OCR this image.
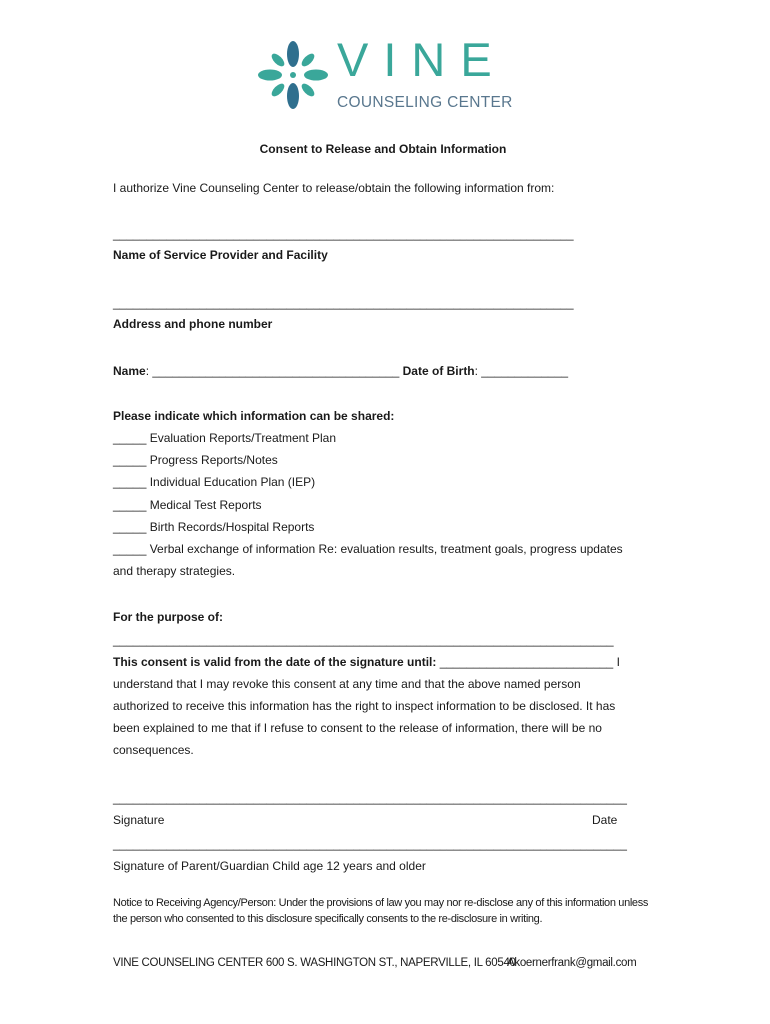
VINE
COUNSELING CENTER
Consent to Release and Obtain Information
I authorize Vine Counseling Center to release/obtain the following information from:
_____________________________________________________________________
Name of Service Provider and Facility
_____________________________________________________________________
Address and phone number
Name: _____________________________________ Date of Birth: _____________
Please indicate which information can be shared:
_____ Evaluation Reports/Treatment Plan
_____ Progress Reports/Notes
_____ Individual Education Plan (IEP)
_____ Medical Test Reports
_____ Birth Records/Hospital Reports
_____ Verbal exchange of information Re: evaluation results, treatment goals, progress updates
and therapy strategies.
For the purpose of:
___________________________________________________________________________
This consent is valid from the date of the signature until: __________________________ I
understand that I may revoke this consent at any time and that the above named person
authorized to receive this information has the right to inspect information to be disclosed. It has
been explained to me that if I refuse to consent to the release of information, there will be no
consequences.
_____________________________________________________________________________
Signature	Date
_____________________________________________________________________________
Signature of Parent/Guardian Child age 12 years and older
Notice to Receiving Agency/Person: Under the provisions of law you may nor re-disclose any of this information unless
the person who consented to this disclosure specifically consents to the re-disclosure in writing.
VINE COUNSELING CENTER 600 S. WASHINGTON ST., NAPERVILLE, IL 60540
Akoernerfrank@gmail.com
